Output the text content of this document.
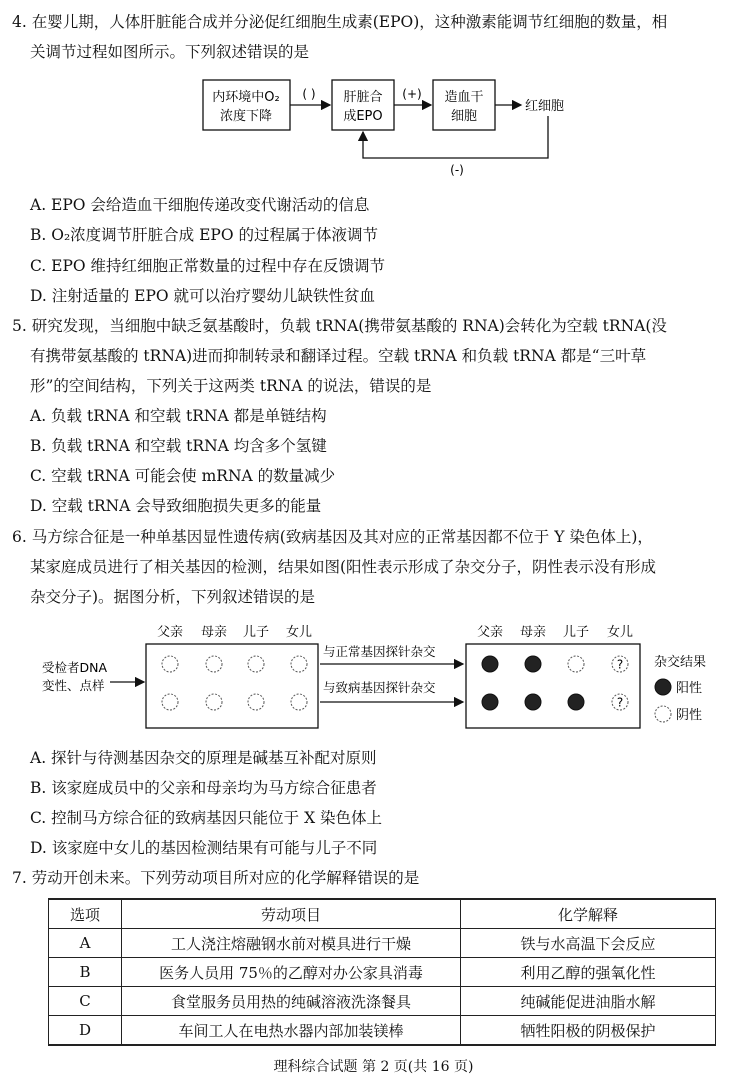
4. 在婴儿期，人体肝脏能合成并分泌促红细胞生成素(EPO)，这种激素能调节红细胞的数量，相
关调节过程如图所示。下列叙述错误的是
内环境中O₂
浓度下降
( ) 肝脏合
成EPO
(+) 造血干
细胞
红细胞
(-)
A. EPO 会给造血干细胞传递改变代谢活动的信息
B. O₂浓度调节肝脏合成 EPO 的过程属于体液调节
C. EPO 维持红细胞正常数量的过程中存在反馈调节
D. 注射适量的 EPO 就可以治疗婴幼儿缺铁性贫血
5. 研究发现，当细胞中缺乏氨基酸时，负载 tRNA(携带氨基酸的 RNA)会转化为空载 tRNA(没
有携带氨基酸的 tRNA)进而抑制转录和翻译过程。空载 tRNA 和负载 tRNA 都是“三叶草
形”的空间结构，下列关于这两类 tRNA 的说法，错误的是
A. 负载 tRNA 和空载 tRNA 都是单链结构
B. 负载 tRNA 和空载 tRNA 均含多个氢键
C. 空载 tRNA 可能会使 mRNA 的数量减少
D. 空载 tRNA 会导致细胞损失更多的能量
6. 马方综合征是一种单基因显性遗传病(致病基因及其对应的正常基因都不位于 Y 染色体上)，
某家庭成员进行了相关基因的检测，结果如图(阳性表示形成了杂交分子，阴性表示没有形成
杂交分子)。据图分析，下列叙述错误的是
父亲 母亲 儿子 女儿	父亲 母亲 儿子 女儿
受检者DNA
变性、点样
与正常基因探针杂交
与致病基因探针杂交
?
?
杂交结果
阳性
阴性
A. 探针与待测基因杂交的原理是碱基互补配对原则
B. 该家庭成员中的父亲和母亲均为马方综合征患者
C. 控制马方综合征的致病基因只能位于 X 染色体上
D. 该家庭中女儿的基因检测结果有可能与儿子不同
7. 劳动开创未来。下列劳动项目所对应的化学解释错误的是
选项	劳动项目	化学解释
A	工人浇注熔融钢水前对模具进行干燥	铁与水高温下会反应
B	医务人员用 75％的乙醇对办公家具消毒	利用乙醇的强氧化性
C	食堂服务员用热的纯碱溶液洗涤餐具	纯碱能促进油脂水解
D	车间工人在电热水器内部加装镁棒	牺牲阳极的阴极保护
理科综合试题 第 2 页(共 16 页)
